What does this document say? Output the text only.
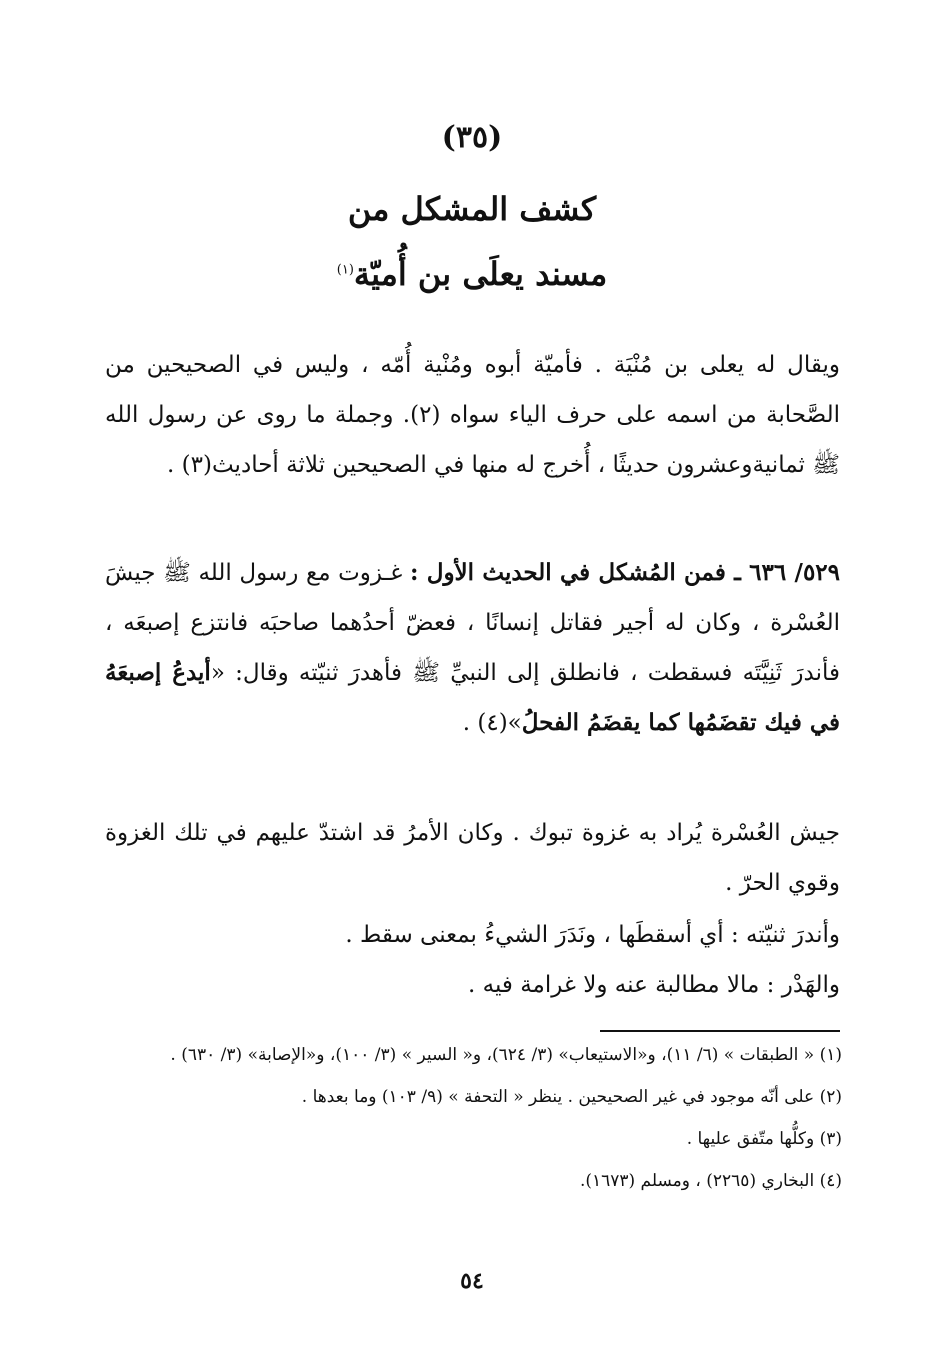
(٣٥)
كشف المشكل من
مسند يعلَى بن أُميّة$^{(١)}$
ويقال له يعلى بن مُنْيَة . فأميّة أبوه ومُنْية أُمّه ، وليس في الصحيحين من الصَّحابة من اسمه على حرف الياء سواه (٢). وجملة ما روى عن رسول الله ﷺ ثمانيةوعشرون حديثًا ، أُخرج له منها في الصحيحين ثلاثة أحاديث(٣) .
٥٢٩/ ٦٣٦ ـ فمن المُشكل في الحديث الأول : غـزوت مع رسول الله ﷺ جيشَ العُسْرة ، وكان له أجير فقاتل إنسانًا ، فعضّ أحدُهما صاحبَه فانتزع إصبعَه ، فأندرَ ثَنِيَّتَه فسقطت ، فانطلق إلى النبيِّ ﷺ فأهدرَ ثنيّته وقال: «أيدعُ إصبعَهُ في فيك تقضَمُها كما يقضَمُ الفحلُ»(٤) .
جيش العُسْرة يُراد به غزوة تبوك . وكان الأمرُ قد اشتدّ عليهم في تلك الغزوة وقوي الحرّ .
وأندرَ ثنيّته : أي أسقطَها ، ونَدَرَ الشيءُ بمعنى سقط .
والهَدْر : مالا مطالبة عنه ولا غرامة فيه .

(١) « الطبقات » (٦/ ١١)، و«الاستيعاب» (٣/ ٦٢٤)، و« السير » (٣/ ١٠٠)، و«الإصابة» (٣/ ٦٣٠) .

(٢) على أنّه موجود في غير الصحيحين . ينظر « التحفة » (٩/ ١٠٣) وما بعدها .

(٣) وكلُّها متّفق عليها .

(٤) البخاري (٢٢٦٥) ، ومسلم (١٦٧٣).

٥٤
